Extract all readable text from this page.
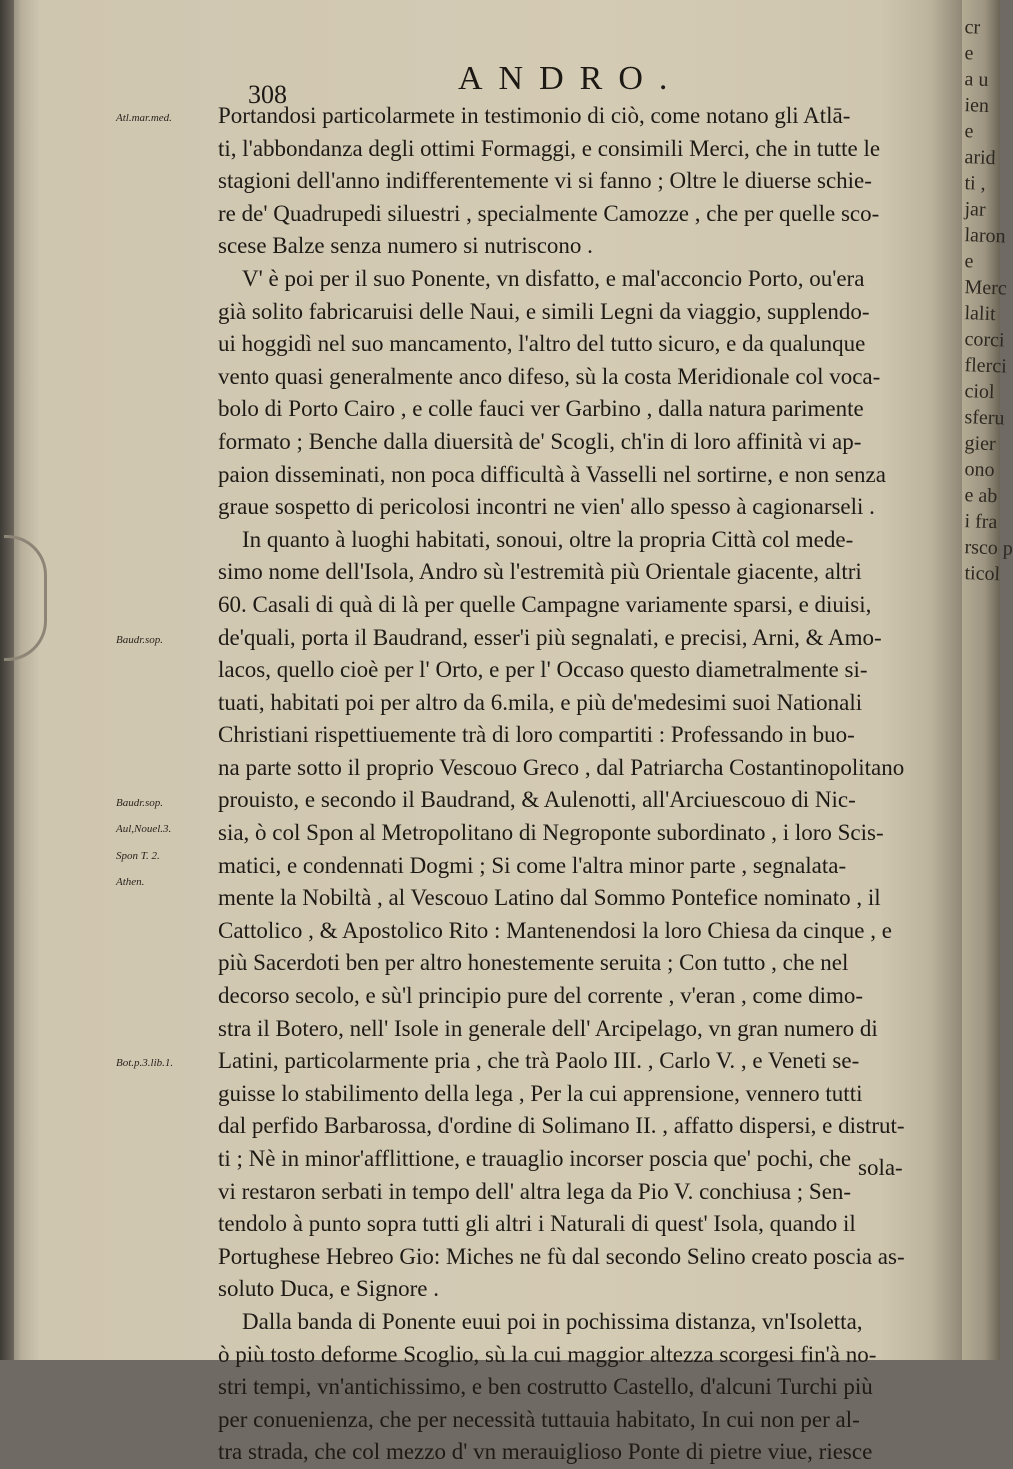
308	ANDRO.
Portandosi particolarmete in testimonio di ciò, come notano gli Atlā-
ti, l'abbondanza degli ottimi Formaggi, e consimili Merci, che in tutte le
stagioni dell'anno indifferentemente vi si fanno ; Oltre le diuerse schie-
re de' Quadrupedi siluestri , specialmente Camozze , che per quelle sco-
scese Balze senza numero si nutriscono .
V' è poi per il suo Ponente, vn disfatto, e mal'acconcio Porto, ou'era
già solito fabricaruisi delle Naui, e simili Legni da viaggio, supplendo-
ui hoggidì nel suo mancamento, l'altro del tutto sicuro, e da qualunque
vento quasi generalmente anco difeso, sù la costa Meridionale col voca-
bolo di Porto Cairo , e colle fauci ver Garbino , dalla natura parimente
formato ; Benche dalla diuersità de' Scogli, ch'in di loro affinità vi ap-
paion disseminati, non poca difficultà à Vasselli nel sortirne, e non senza
graue sospetto di pericolosi incontri ne vien' allo spesso à cagionarseli .
In quanto à luoghi habitati, sonoui, oltre la propria Città col mede-
simo nome dell'Isola, Andro sù l'estremità più Orientale giacente, altri
60. Casali di quà di là per quelle Campagne variamente sparsi, e diuisi,
de'quali, porta il Baudrand, esser'i più segnalati, e precisi, Arni, & Amo-
lacos, quello cioè per l' Orto, e per l' Occaso questo diametralmente si-
tuati, habitati poi per altro da 6.mila, e più de'medesimi suoi Nationali
Christiani rispettiuemente trà di loro compartiti : Professando in buo-
na parte sotto il proprio Vescouo Greco , dal Patriarcha Costantinopolitano
prouisto, e secondo il Baudrand, & Aulenotti, all'Arciuescouo di Nic-
sia, ò col Spon al Metropolitano di Negroponte subordinato , i loro Scis-
matici, e condennati Dogmi ; Si come l'altra minor parte , segnalata-
mente la Nobiltà , al Vescouo Latino dal Sommo Pontefice nominato , il
Cattolico , & Apostolico Rito : Mantenendosi la loro Chiesa da cinque , e
più Sacerdoti ben per altro honestemente seruita ; Con tutto , che nel
decorso secolo, e sù'l principio pure del corrente , v'eran , come dimo-
stra il Botero, nell' Isole in generale dell' Arcipelago, vn gran numero di
Latini, particolarmente pria , che trà Paolo III. , Carlo V. , e Veneti se-
guisse lo stabilimento della lega , Per la cui apprensione, vennero tutti
dal perfido Barbarossa, d'ordine di Solimano II. , affatto dispersi, e distrut-
ti ; Nè in minor'afflittione, e trauaglio incorser poscia que' pochi, che
vi restaron serbati in tempo dell' altra lega da Pio V. conchiusa ; Sen-
tendolo à punto sopra tutti gli altri i Naturali di quest' Isola, quando il
Portughese Hebreo Gio: Miches ne fù dal secondo Selino creato poscia as-
soluto Duca, e Signore .
Dalla banda di Ponente euui poi in pochissima distanza, vn'Isoletta,
ò più tosto deforme Scoglio, sù la cui maggior altezza scorgesi fin'à no-
stri tempi, vn'antichissimo, e ben costrutto Castello, d'alcuni Turchi più
per conuenienza, che per necessità tuttauia habitato, In cui non per al-
tra strada, che col mezzo d' vn merauiglioso Ponte di pietre viue, riesce
Atl.mar.med.
Baudr.sop.
Baudr.sop.
Aul,Nouel.3.
Spon T. 2.
Athen.
Bot.p.3.lib.1.
sola-
cr
e
a u
ien
e
arid
ti ,
jar
laron
e
Merc
lalit
corci
flerci
ciol
sferu
gier
ono
e ab
i fra
rsco p
ticol
